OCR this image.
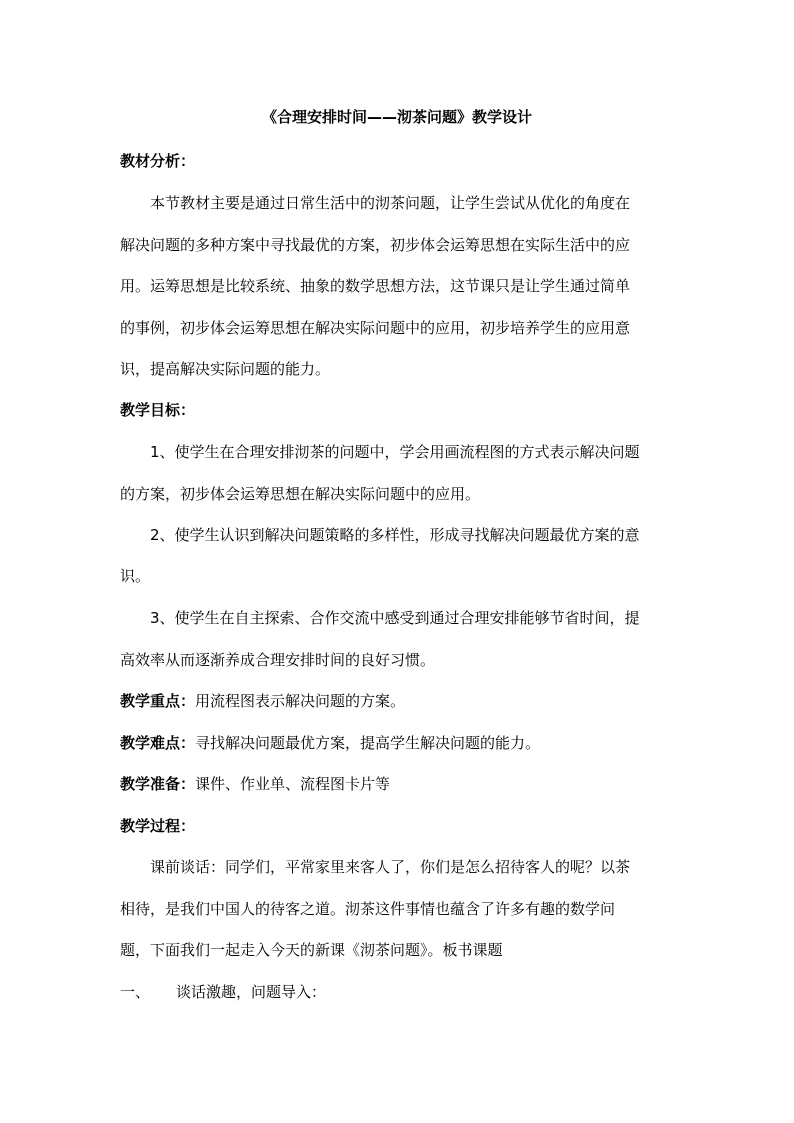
《合理安排时间——沏茶问题》教学设计
教材分析：
本节教材主要是通过日常生活中的沏茶问题，让学生尝试从优化的角度在
解决问题的多种方案中寻找最优的方案，初步体会运筹思想在实际生活中的应
用。运筹思想是比较系统、抽象的数学思想方法，这节课只是让学生通过简单
的事例，初步体会运筹思想在解决实际问题中的应用，初步培养学生的应用意
识，提高解决实际问题的能力。
教学目标：
1、使学生在合理安排沏茶的问题中，学会用画流程图的方式表示解决问题
的方案，初步体会运筹思想在解决实际问题中的应用。
2、使学生认识到解决问题策略的多样性，形成寻找解决问题最优方案的意
识。
3、使学生在自主探索、合作交流中感受到通过合理安排能够节省时间，提
高效率从而逐渐养成合理安排时间的良好习惯。
教学重点：用流程图表示解决问题的方案。
教学难点：寻找解决问题最优方案，提高学生解决问题的能力。
教学准备：课件、作业单、流程图卡片等
教学过程：
课前谈话：同学们，平常家里来客人了，你们是怎么招待客人的呢？以茶
相待，是我们中国人的待客之道。沏茶这件事情也蕴含了许多有趣的数学问
题，下面我们一起走入今天的新课《沏茶问题》。板书课题
一、 谈话激趣，问题导入：
